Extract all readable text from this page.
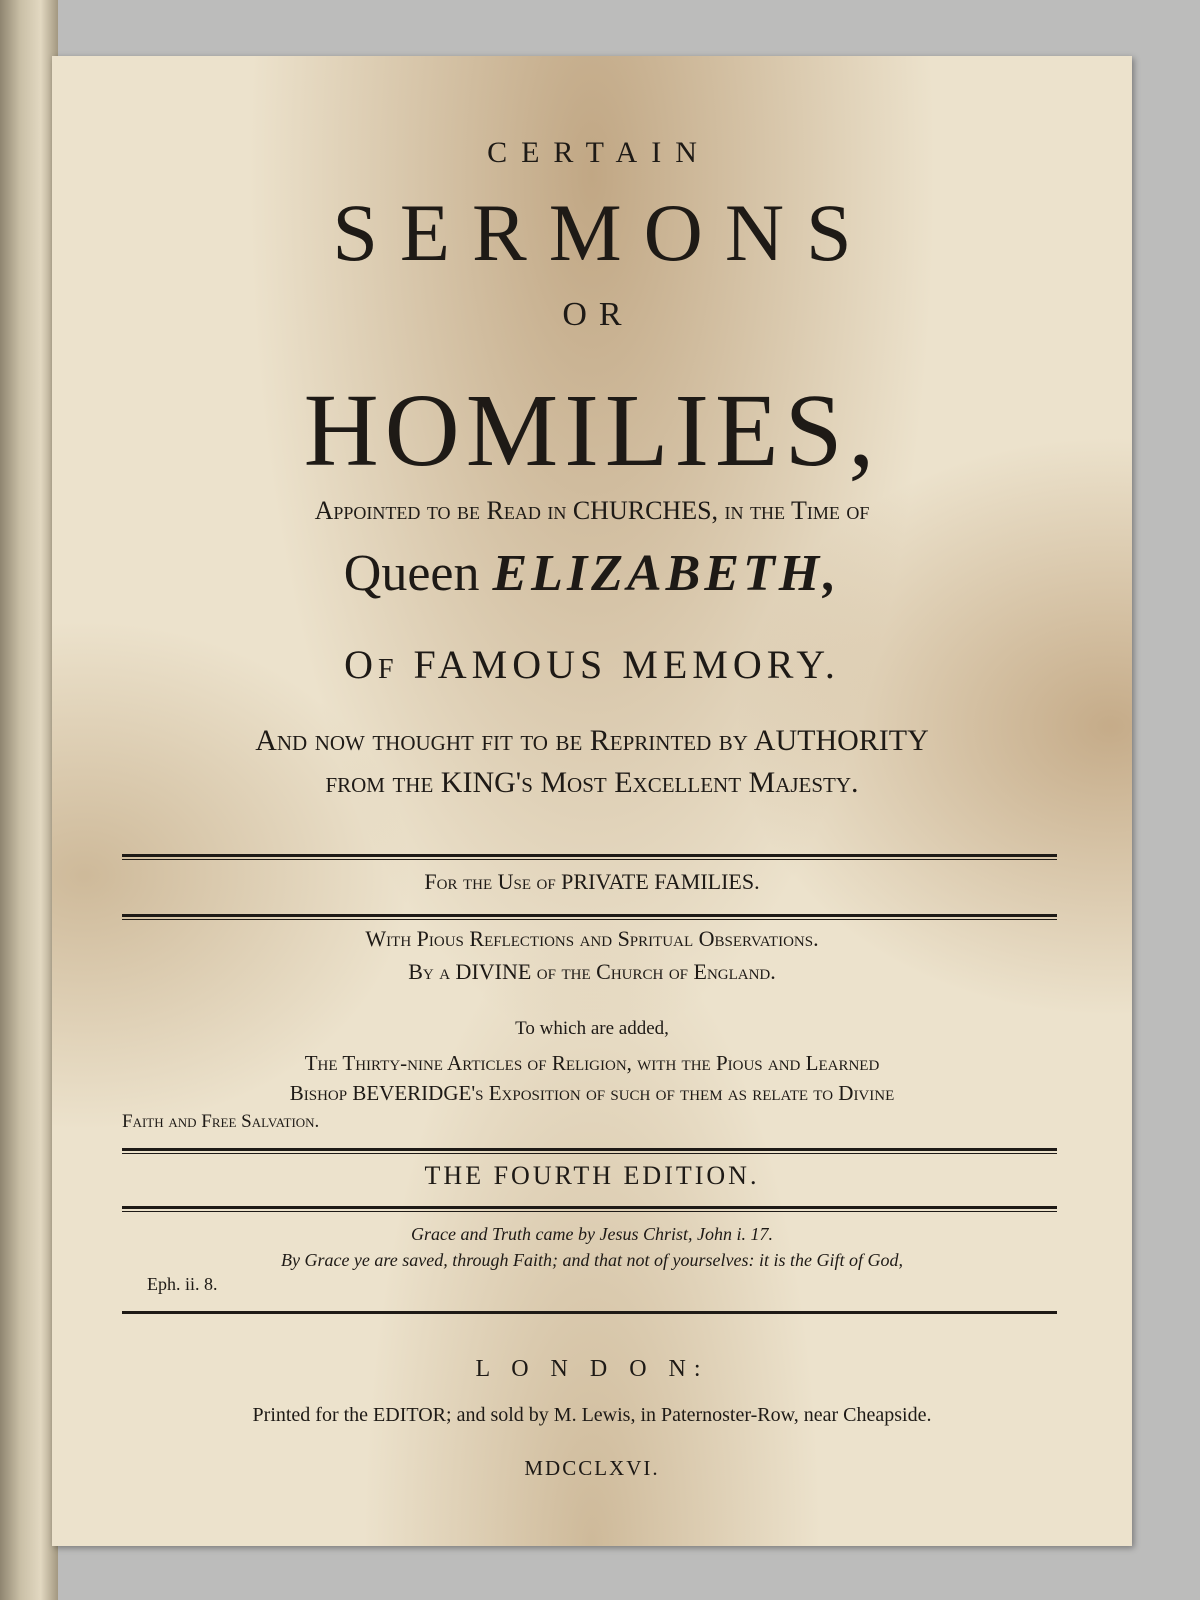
CERTAIN
SERMONS
OR
HOMILIES,
Appointed to be Read in CHURCHES, in the Time of
Queen ELIZABETH,
Of FAMOUS MEMORY.
And now thought fit to be Reprinted by AUTHORITY
from the KING's Most Excellent Majesty.
For the Use of PRIVATE FAMILIES.
With Pious Reflections and Spritual Observations.
By a DIVINE of the Church of England.
To which are added,
The Thirty-nine Articles of Religion, with the Pious and Learned
Bishop BEVERIDGE's Exposition of such of them as relate to Divine
Faith and Free Salvation.
THE FOURTH EDITION.
Grace and Truth came by Jesus Christ, John i. 17.
By Grace ye are saved, through Faith; and that not of yourselves: it is the Gift of God,
Eph. ii. 8.
L O N D O N:
Printed for the EDITOR; and sold by M. Lewis, in Paternoster-Row, near Cheapside.
MDCCLXVI.
